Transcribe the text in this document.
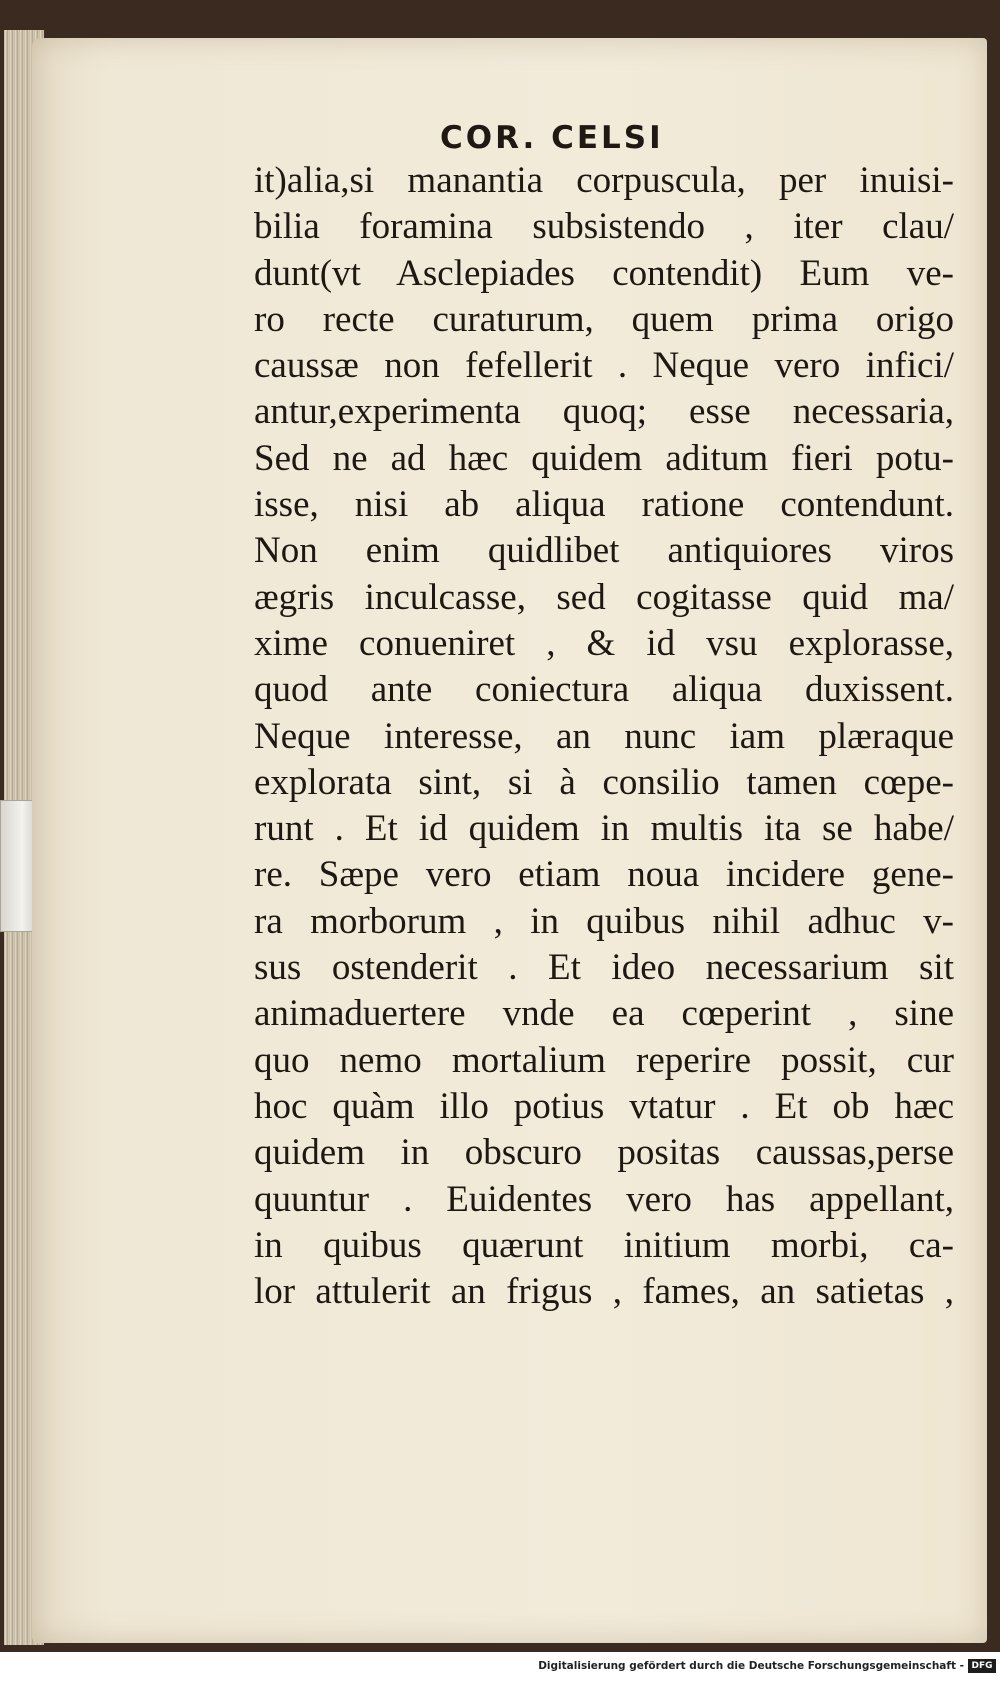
COR. CELSI
it)alia,si manantia corpuscula, per inuisi-
bilia foramina subsistendo , iter clau/
dunt(vt Asclepiades contendit) Eum ve-
ro recte curaturum, quem prima origo
caussæ non fefellerit . Neque vero infici/
antur,experimenta quoq; esse necessaria,
Sed ne ad hæc quidem aditum fieri potu-
isse, nisi ab aliqua ratione contendunt.
Non enim quidlibet antiquiores viros
ægris inculcasse, sed cogitasse quid ma/
xime conueniret , & id vsu explorasse,
quod ante coniectura aliqua duxissent.
Neque interesse, an nunc iam plæraque
explorata sint, si à consilio tamen cœpe-
runt . Et id quidem in multis ita se habe/
re. Sæpe vero etiam noua incidere gene-
ra morborum , in quibus nihil adhuc v-
sus ostenderit . Et ideo necessarium sit
animaduertere vnde ea cœperint , sine
quo nemo mortalium reperire possit, cur
hoc quàm illo potius vtatur . Et ob hæc
quidem in obscuro positas caussas,perse
quuntur . Euidentes vero has appellant,
in quibus quærunt initium morbi, ca-
lor attulerit an frigus , fames, an satietas ,
Digitalisierung gefördert durch die Deutsche Forschungsgemeinschaft - DFG
